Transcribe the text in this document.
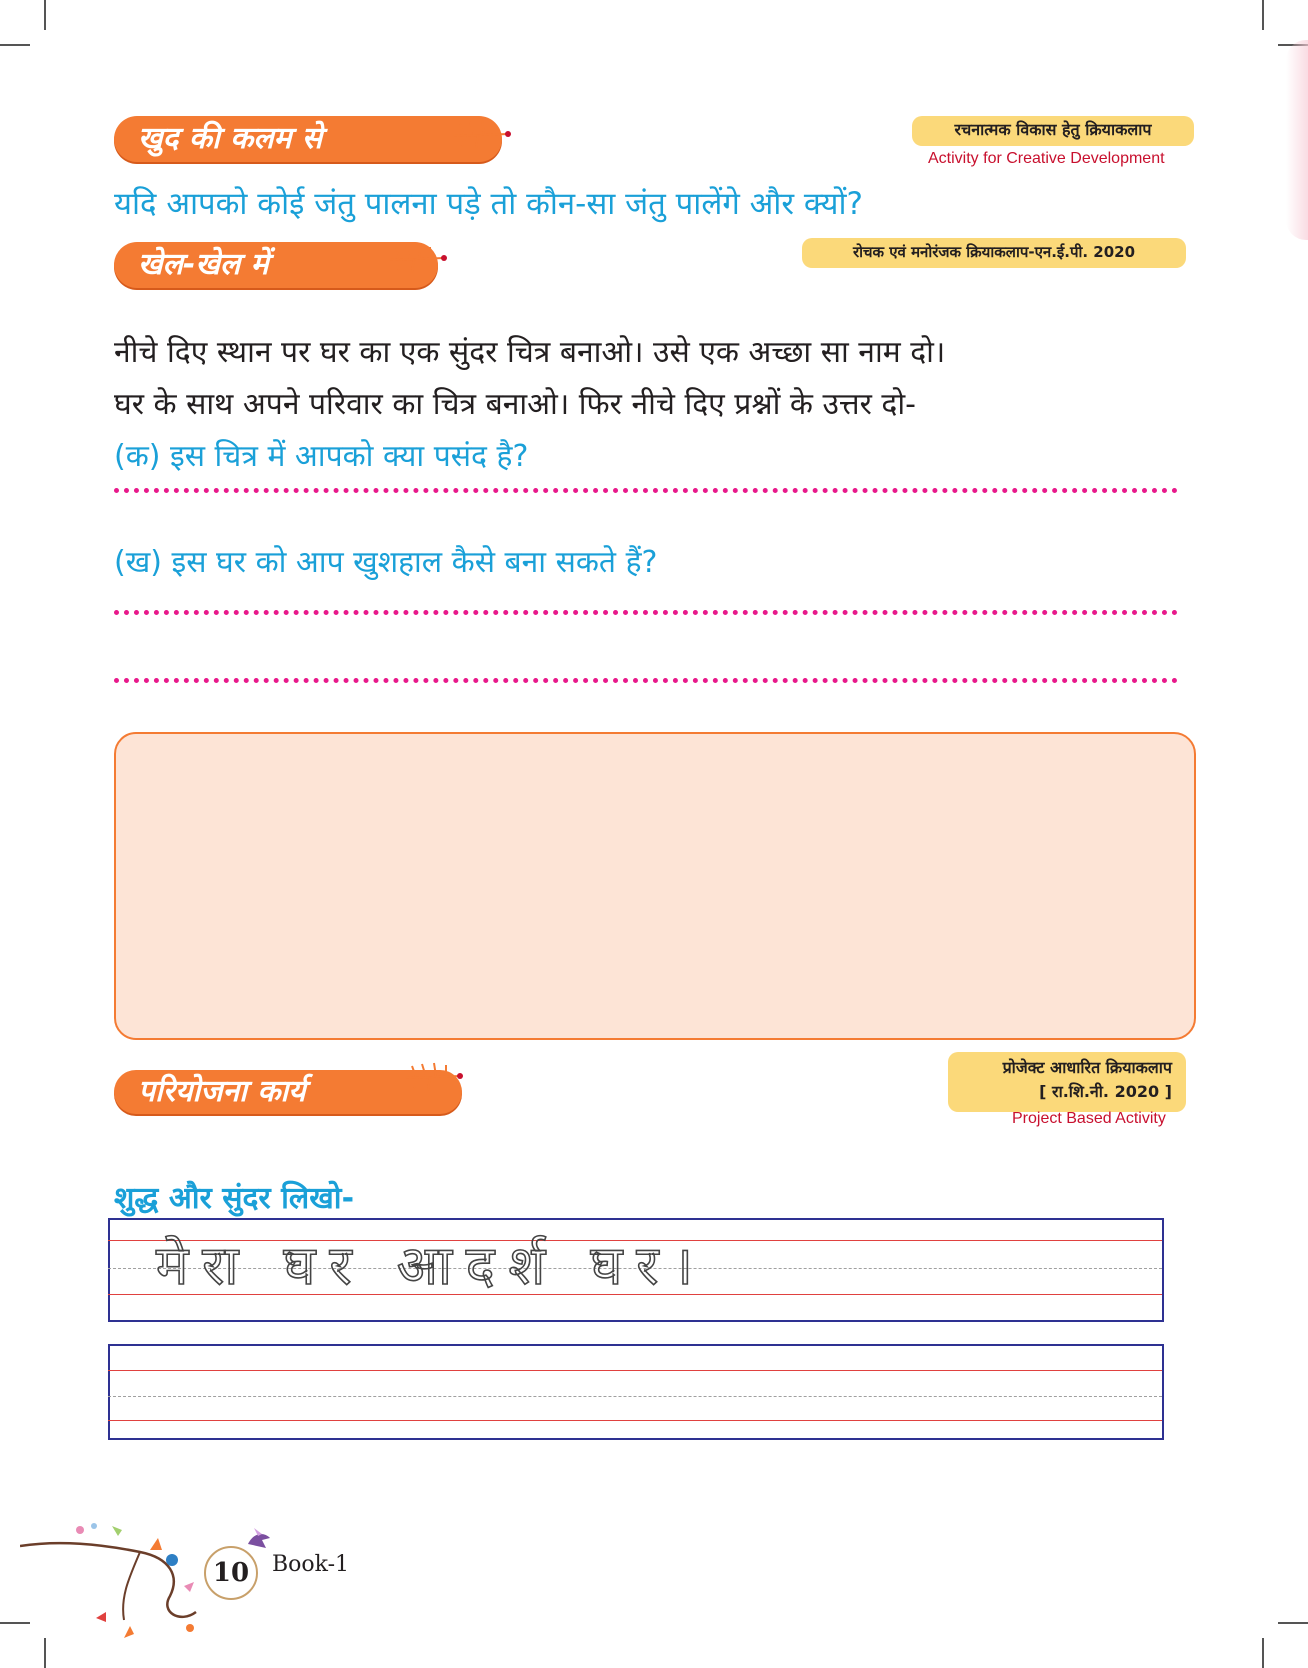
खुद की कलम से	रचनात्मक विकास हेतु क्रियाकलाप
Activity for Creative Development
यदि आपको कोई जंतु पालना पड़े तो कौन-सा जंतु पालेंगे और क्यों?
खेल-खेल में	रोचक एवं मनोरंजक क्रियाकलाप-एन.ई.पी. 2020
नीचे दिए स्थान पर घर का एक सुंदर चित्र बनाओ। उसे एक अच्छा सा नाम दो।
घर के साथ अपने परिवार का चित्र बनाओ। फिर नीचे दिए प्रश्नों के उत्तर दो-
(क) इस चित्र में आपको क्या पसंद है?
(ख) इस घर को आप खुशहाल कैसे बना सकते हैं?
परियोजना कार्य
प्रोजेक्ट आधारित क्रियाकलाप
[ रा.शि.नी. 2020 ]
Project Based Activity
शुद्ध और सुंदर लिखो-
मेरा घर आदर्श घर।
10	Book-1
